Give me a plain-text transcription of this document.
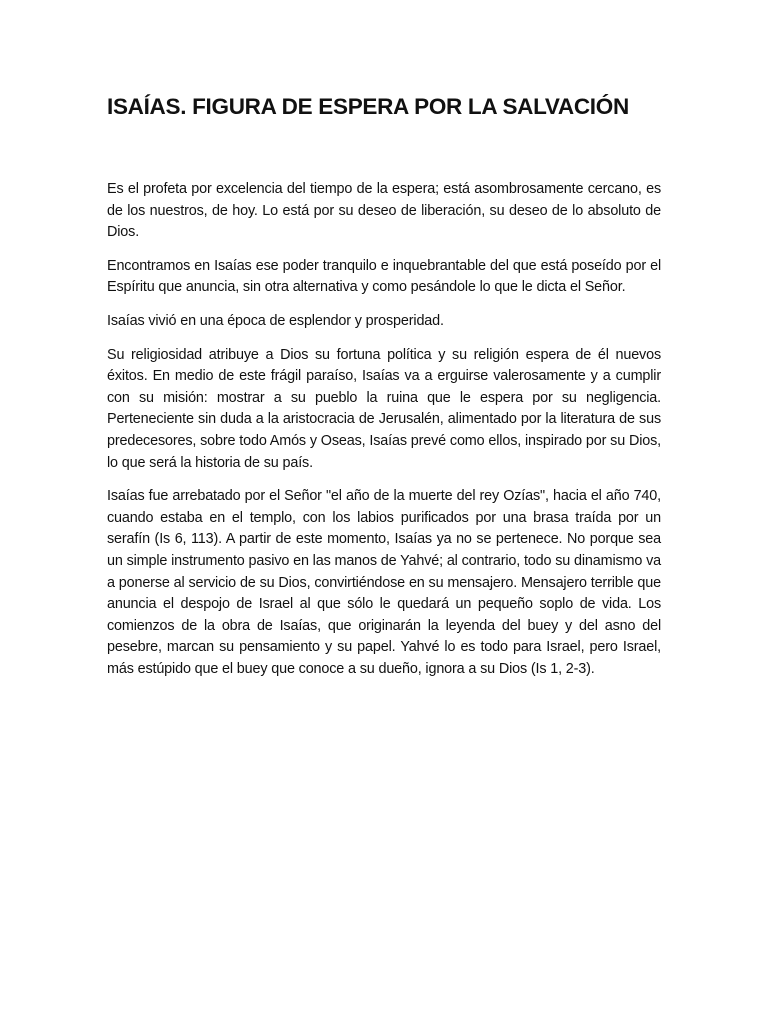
ISAÍAS. FIGURA DE ESPERA POR LA SALVACIÓN

Es el profeta por excelencia del tiempo de la espera; está asombrosamente cercano, es de los nuestros, de hoy. Lo está por su deseo de liberación, su deseo de lo absoluto de Dios.

Encontramos en Isaías ese poder tranquilo e inquebrantable del que está poseído por el Espíritu que anuncia, sin otra alternativa y como pesándole lo que le dicta el Señor.

Isaías vivió en una época de esplendor y prosperidad.

Su religiosidad atribuye a Dios su fortuna política y su religión espera de él nuevos éxitos. En medio de este frágil paraíso, Isaías va a erguirse valerosamente y a cumplir con su misión: mostrar a su pueblo la ruina que le espera por su negligencia. Perteneciente sin duda a la aristocracia de Jerusalén, alimentado por la literatura de sus predecesores, sobre todo Amós y Oseas, Isaías prevé como ellos, inspirado por su Dios, lo que será la historia de su país.

Isaías fue arrebatado por el Señor "el año de la muerte del rey Ozías", hacia el año 740, cuando estaba en el templo, con los labios purificados por una brasa traída por un serafín (Is 6, 113). A partir de este momento, Isaías ya no se pertenece. No porque sea un simple instrumento pasivo en las manos de Yahvé; al contrario, todo su dinamismo va a ponerse al servicio de su Dios, convirtiéndose en su mensajero. Mensajero terrible que anuncia el despojo de Israel al que sólo le quedará un pequeño soplo de vida. Los comienzos de la obra de Isaías, que originarán la leyenda del buey y del asno del pesebre, marcan su pensamiento y su papel. Yahvé lo es todo para Israel, pero Israel, más estúpido que el buey que conoce a su dueño, ignora a su Dios (Is 1, 2-3).
